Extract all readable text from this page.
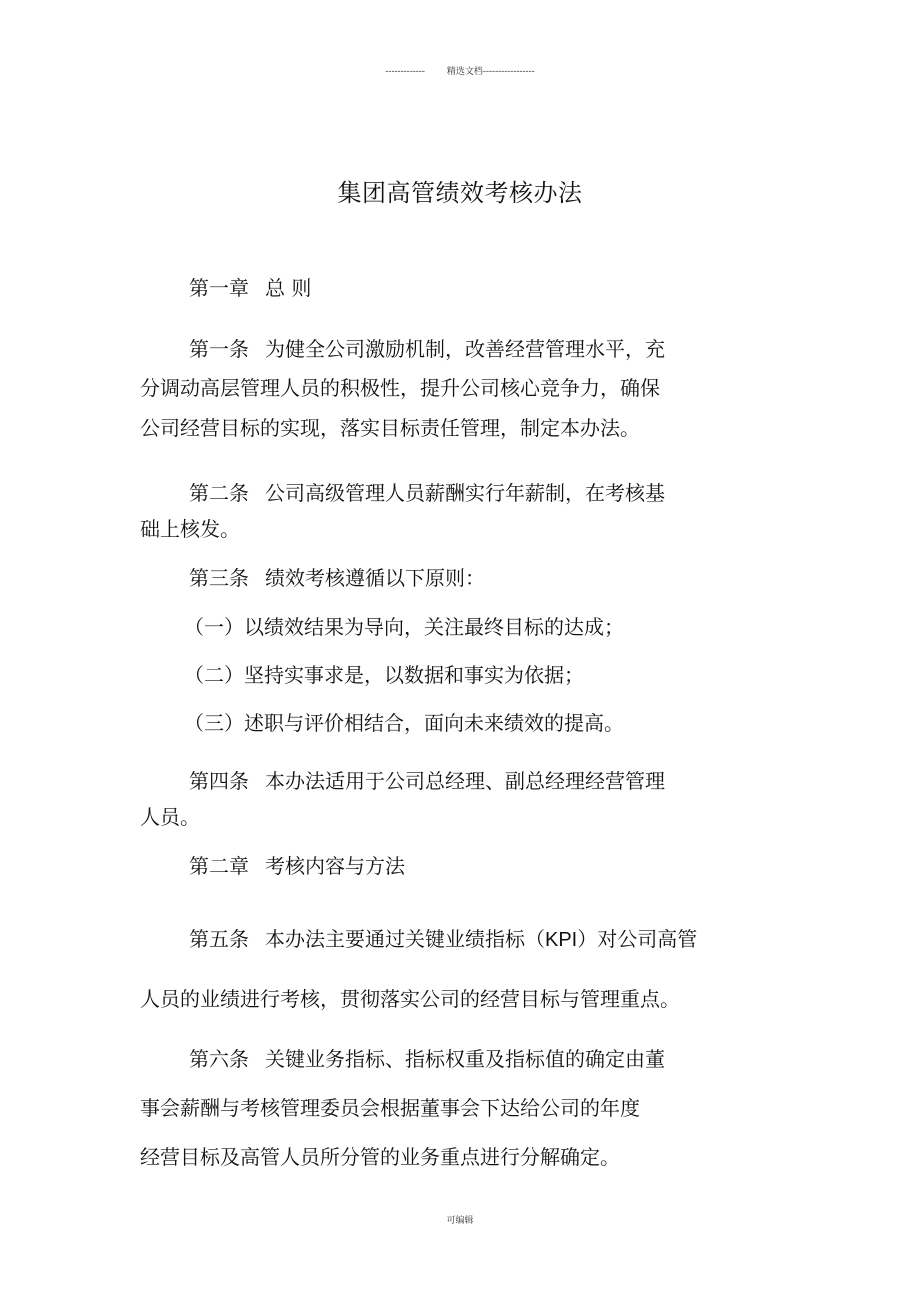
------------- 精选文档-----------------
集团高管绩效考核办法
第一章 总 则
第一条 为健全公司激励机制，改善经营管理水平，充
分调动高层管理人员的积极性，提升公司核心竞争力，确保
公司经营目标的实现，落实目标责任管理，制定本办法。
第二条 公司高级管理人员薪酬实行年薪制，在考核基
础上核发。
第三条 绩效考核遵循以下原则：
（一）以绩效结果为导向，关注最终目标的达成；
（二）坚持实事求是，以数据和事实为依据；
（三）述职与评价相结合，面向未来绩效的提高。
第四条 本办法适用于公司总经理、副总经理经营管理
人员。
第二章 考核内容与方法
第五条 本办法主要通过关键业绩指标（KPI）对公司高管
人员的业绩进行考核，贯彻落实公司的经营目标与管理重点。
第六条 关键业务指标、指标权重及指标值的确定由董
事会薪酬与考核管理委员会根据董事会下达给公司的年度
经营目标及高管人员所分管的业务重点进行分解确定。
可编辑
